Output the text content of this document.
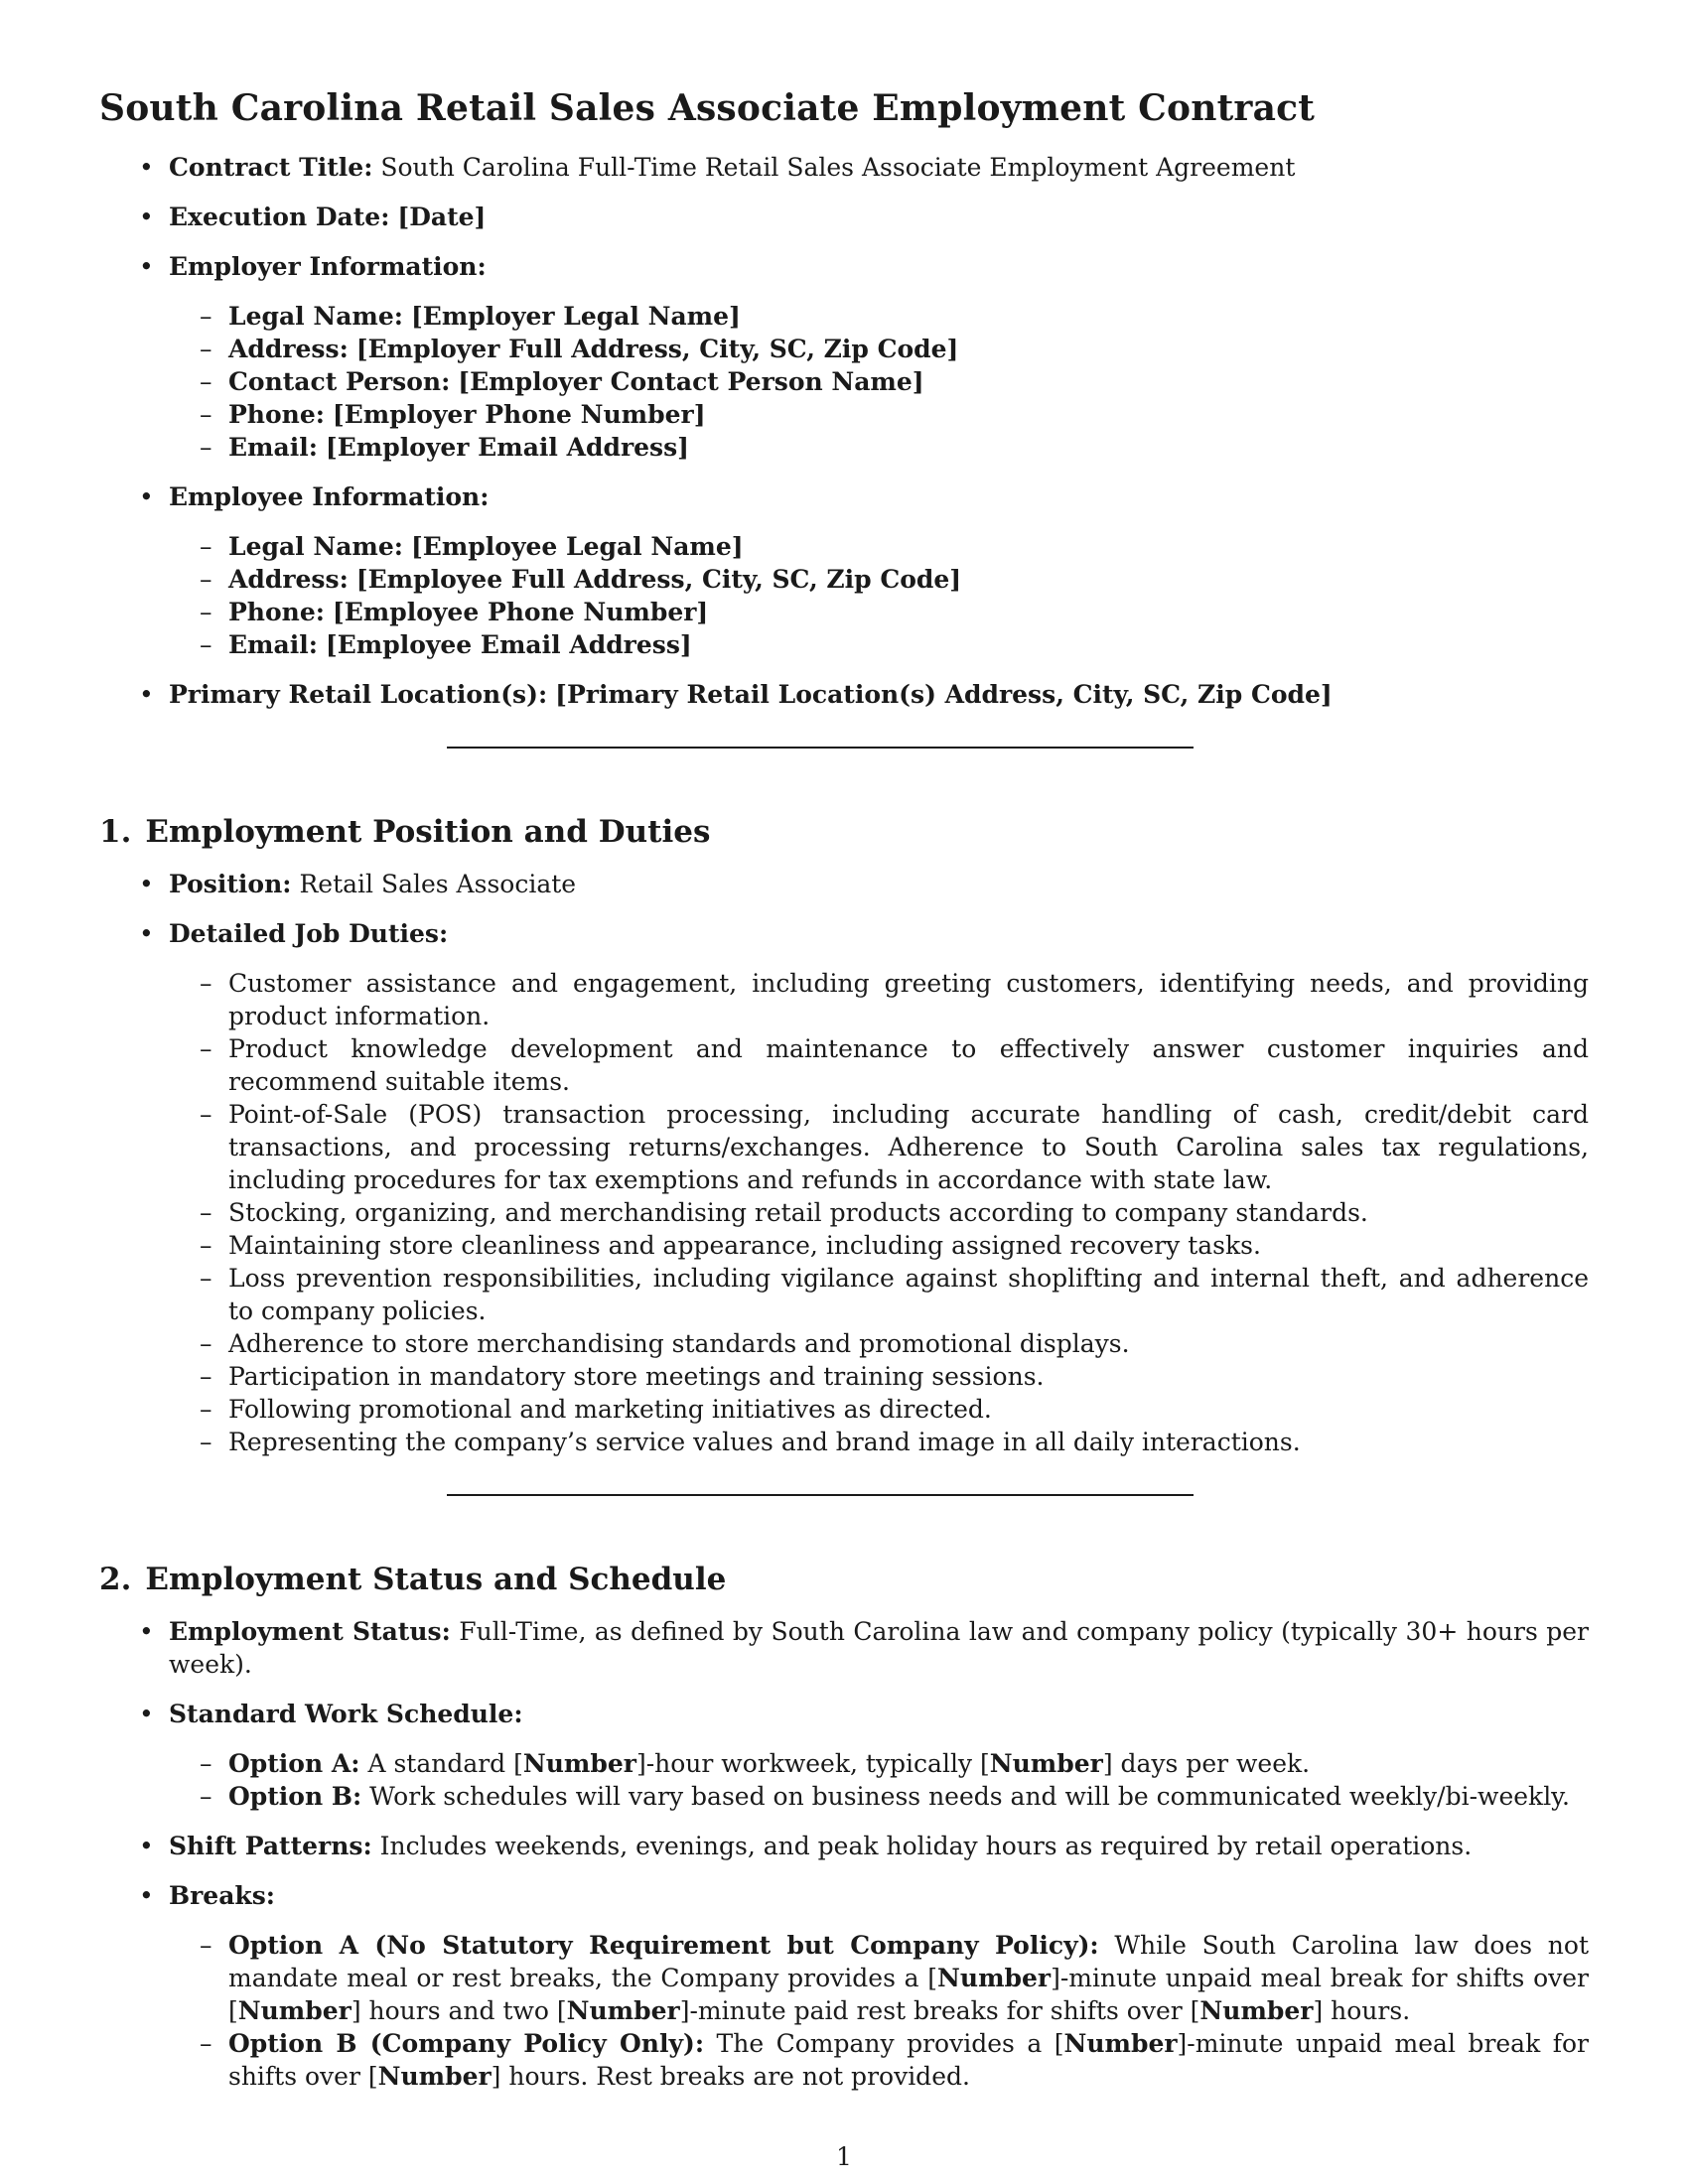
South Carolina Retail Sales Associate Employment Contract
• Contract Title: South Carolina Full-Time Retail Sales Associate Employment Agreement
• Execution Date: [Date]
• Employer Information:
– Legal Name: [Employer Legal Name]
– Address: [Employer Full Address, City, SC, Zip Code]
– Contact Person: [Employer Contact Person Name]
– Phone: [Employer Phone Number]
– Email: [Employer Email Address]
• Employee Information:
– Legal Name: [Employee Legal Name]
– Address: [Employee Full Address, City, SC, Zip Code]
– Phone: [Employee Phone Number]
– Email: [Employee Email Address]
• Primary Retail Location(s): [Primary Retail Location(s) Address, City, SC, Zip Code]
1. Employment Position and Duties
• Position: Retail Sales Associate
• Detailed Job Duties:
– Customer assistance and engagement, including greeting customers, identifying needs, and providing product information.
– Product knowledge development and maintenance to effectively answer customer inquiries and recommend suitable items.
– Point-of-Sale (POS) transaction processing, including accurate handling of cash, credit/debit card transactions, and processing returns/exchanges. Adherence to South Carolina sales tax regulations, including procedures for tax exemptions and refunds in accordance with state law.
– Stocking, organizing, and merchandising retail products according to company standards.
– Maintaining store cleanliness and appearance, including assigned recovery tasks.
– Loss prevention responsibilities, including vigilance against shoplifting and internal theft, and adherence to company policies.
– Adherence to store merchandising standards and promotional displays.
– Participation in mandatory store meetings and training sessions.
– Following promotional and marketing initiatives as directed.
– Representing the company’s service values and brand image in all daily interactions.
2. Employment Status and Schedule
• Employment Status: Full-Time, as defined by South Carolina law and company policy (typically 30+ hours per week).
• Standard Work Schedule:
– Option A: A standard [Number]-hour workweek, typically [Number] days per week.
– Option B: Work schedules will vary based on business needs and will be communicated weekly/bi-weekly.
• Shift Patterns: Includes weekends, evenings, and peak holiday hours as required by retail operations.
• Breaks:
– Option A (No Statutory Requirement but Company Policy): While South Carolina law does not mandate meal or rest breaks, the Company provides a [Number]-minute unpaid meal break for shifts over [Number] hours and two [Number]-minute paid rest breaks for shifts over [Number] hours.
– Option B (Company Policy Only): The Company provides a [Number]-minute unpaid meal break for shifts over [Number] hours. Rest breaks are not provided.
1
